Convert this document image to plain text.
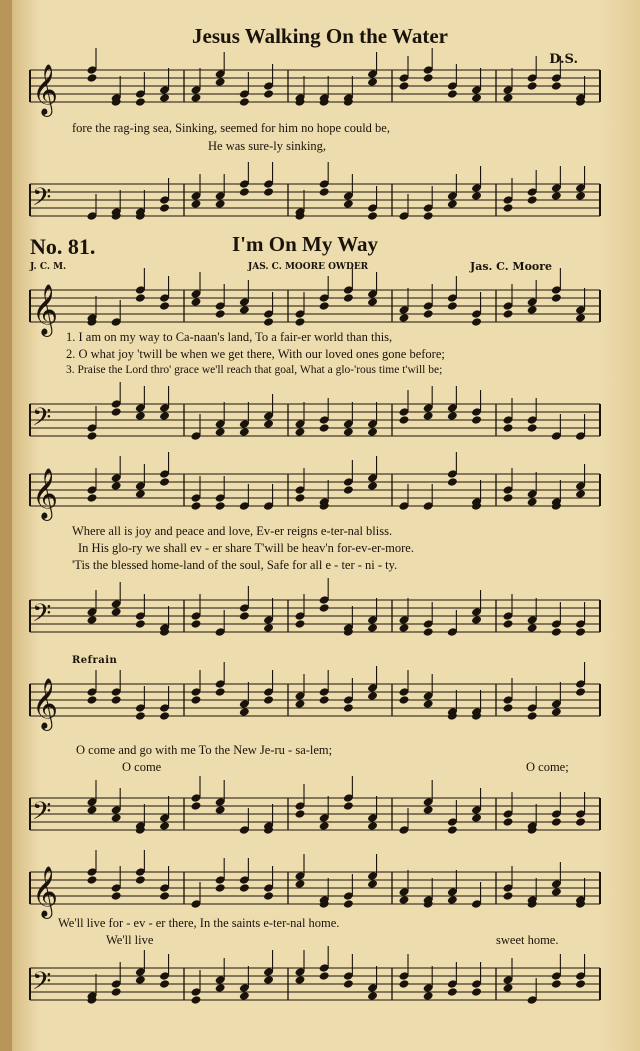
Jesus Walking On the Water
D.S.
𝄞
fore the rag-ing sea, Sinking, seemed for him no hope could be,
He was sure-ly sinking,
𝄢
No. 81.	I'm On My Way
J. C. M.	JAS. C. MOORE OWDER	Jas. C. Moore
𝄞
1. I am on my way to Ca-naan's land, To a fair-er world than this,
2. O what joy 'twill be when we get there, With our loved ones gone before;
3. Praise the Lord thro' grace we'll reach that goal, What a glo-'rous time t'will be;
𝄢
𝄞
Where all is joy and peace and love, Ev-er reigns e-ter-nal bliss.
In His glo-ry we shall ev - er share T'will be heav'n for-ev-er-more.
'Tis the blessed home-land of the soul, Safe for all e - ter - ni - ty.
𝄢
Refrain
𝄞
O come and go with me To the New Je-ru - sa-lem;
O come	O come;
𝄢
𝄞
We'll live for - ev - er there, In the saints e-ter-nal home.
We'll live	sweet home.
𝄢
